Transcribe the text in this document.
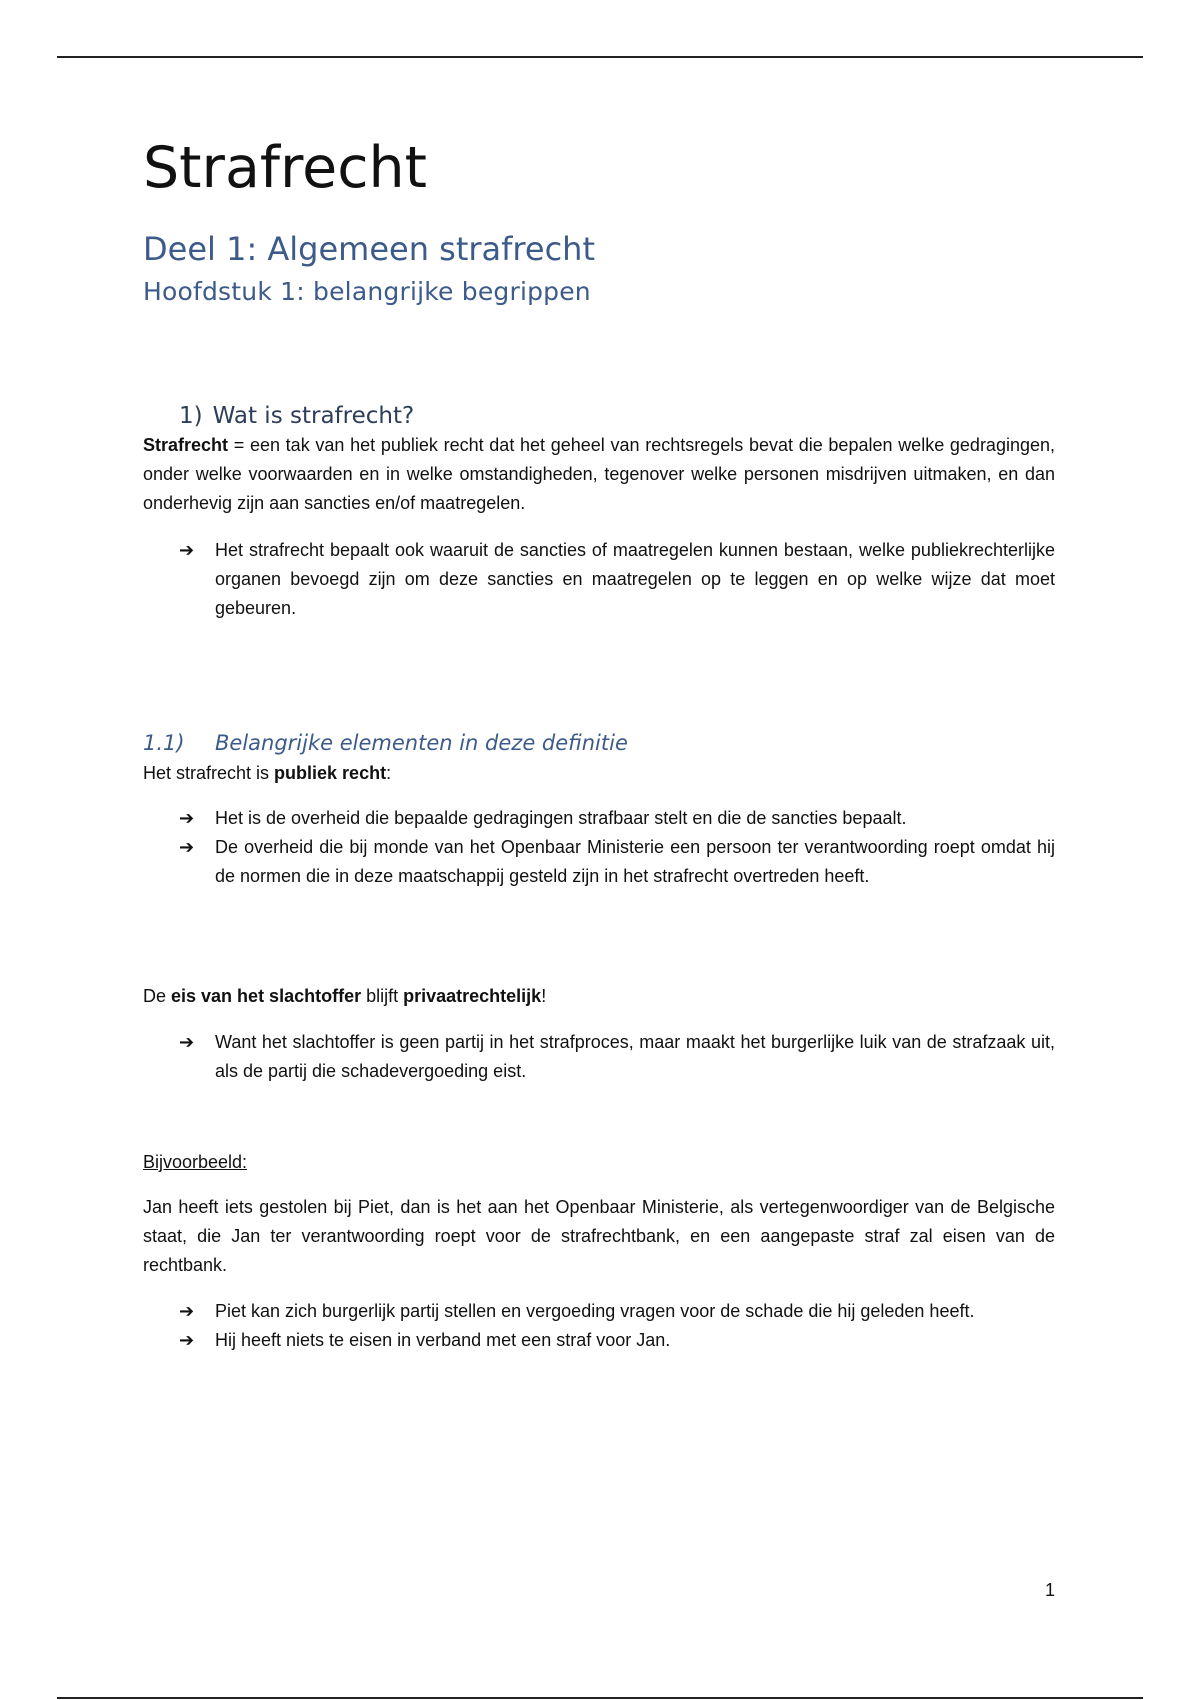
Strafrecht
Deel 1: Algemeen strafrecht
Hoofdstuk 1: belangrijke begrippen
1) Wat is strafrecht?
Strafrecht = een tak van het publiek recht dat het geheel van rechtsregels bevat die bepalen welke gedragingen, onder welke voorwaarden en in welke omstandigheden, tegenover welke personen misdrijven uitmaken, en dan onderhevig zijn aan sancties en/of maatregelen.
➔ Het strafrecht bepaalt ook waaruit de sancties of maatregelen kunnen bestaan, welke publiekrechterlijke organen bevoegd zijn om deze sancties en maatregelen op te leggen en op welke wijze dat moet gebeuren.
1.1) Belangrijke elementen in deze definitie
Het strafrecht is publiek recht:
➔ Het is de overheid die bepaalde gedragingen strafbaar stelt en die de sancties bepaalt.
➔ De overheid die bij monde van het Openbaar Ministerie een persoon ter verantwoording roept omdat hij de normen die in deze maatschappij gesteld zijn in het strafrecht overtreden heeft.
De eis van het slachtoffer blijft privaatrechtelijk!
➔ Want het slachtoffer is geen partij in het strafproces, maar maakt het burgerlijke luik van de strafzaak uit, als de partij die schadevergoeding eist.
Bijvoorbeeld:
Jan heeft iets gestolen bij Piet, dan is het aan het Openbaar Ministerie, als vertegenwoordiger van de Belgische staat, die Jan ter verantwoording roept voor de strafrechtbank, en een aangepaste straf zal eisen van de rechtbank.
➔ Piet kan zich burgerlijk partij stellen en vergoeding vragen voor de schade die hij geleden heeft.
➔ Hij heeft niets te eisen in verband met een straf voor Jan.
1
